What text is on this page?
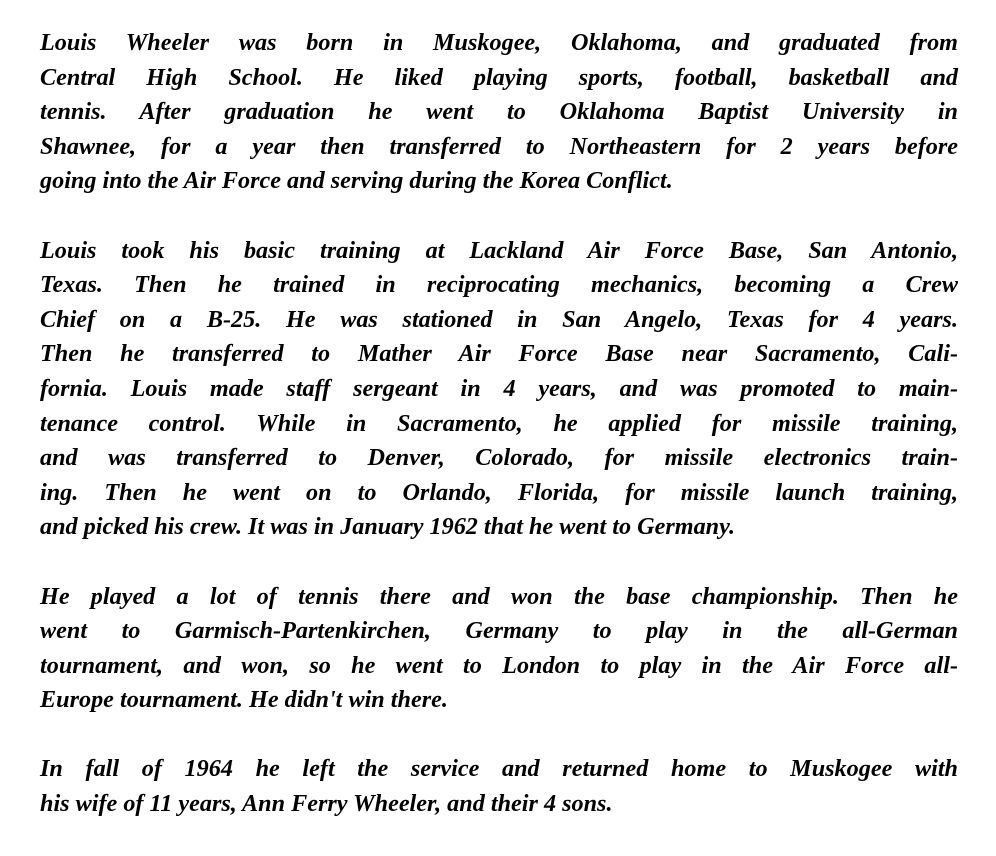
Louis Wheeler was born in Muskogee, Oklahoma, and graduated from
Central High School. He liked playing sports, football, basketball and
tennis. After graduation he went to Oklahoma Baptist University in
Shawnee, for a year then transferred to Northeastern for 2 years before
going into the Air Force and serving during the Korea Conflict.
Louis took his basic training at Lackland Air Force Base, San Antonio,
Texas. Then he trained in reciprocating mechanics, becoming a Crew
Chief on a B-25. He was stationed in San Angelo, Texas for 4 years.
Then he transferred to Mather Air Force Base near Sacramento, Cali-
fornia. Louis made staff sergeant in 4 years, and was promoted to main-
tenance control. While in Sacramento, he applied for missile training,
and was transferred to Denver, Colorado, for missile electronics train-
ing. Then he went on to Orlando, Florida, for missile launch training,
and picked his crew. It was in January 1962 that he went to Germany.
He played a lot of tennis there and won the base championship. Then he
went to Garmisch-Partenkirchen, Germany to play in the all-German
tournament, and won, so he went to London to play in the Air Force all-
Europe tournament. He didn't win there.
In fall of 1964 he left the service and returned home to Muskogee with
his wife of 11 years, Ann Ferry Wheeler, and their 4 sons.
